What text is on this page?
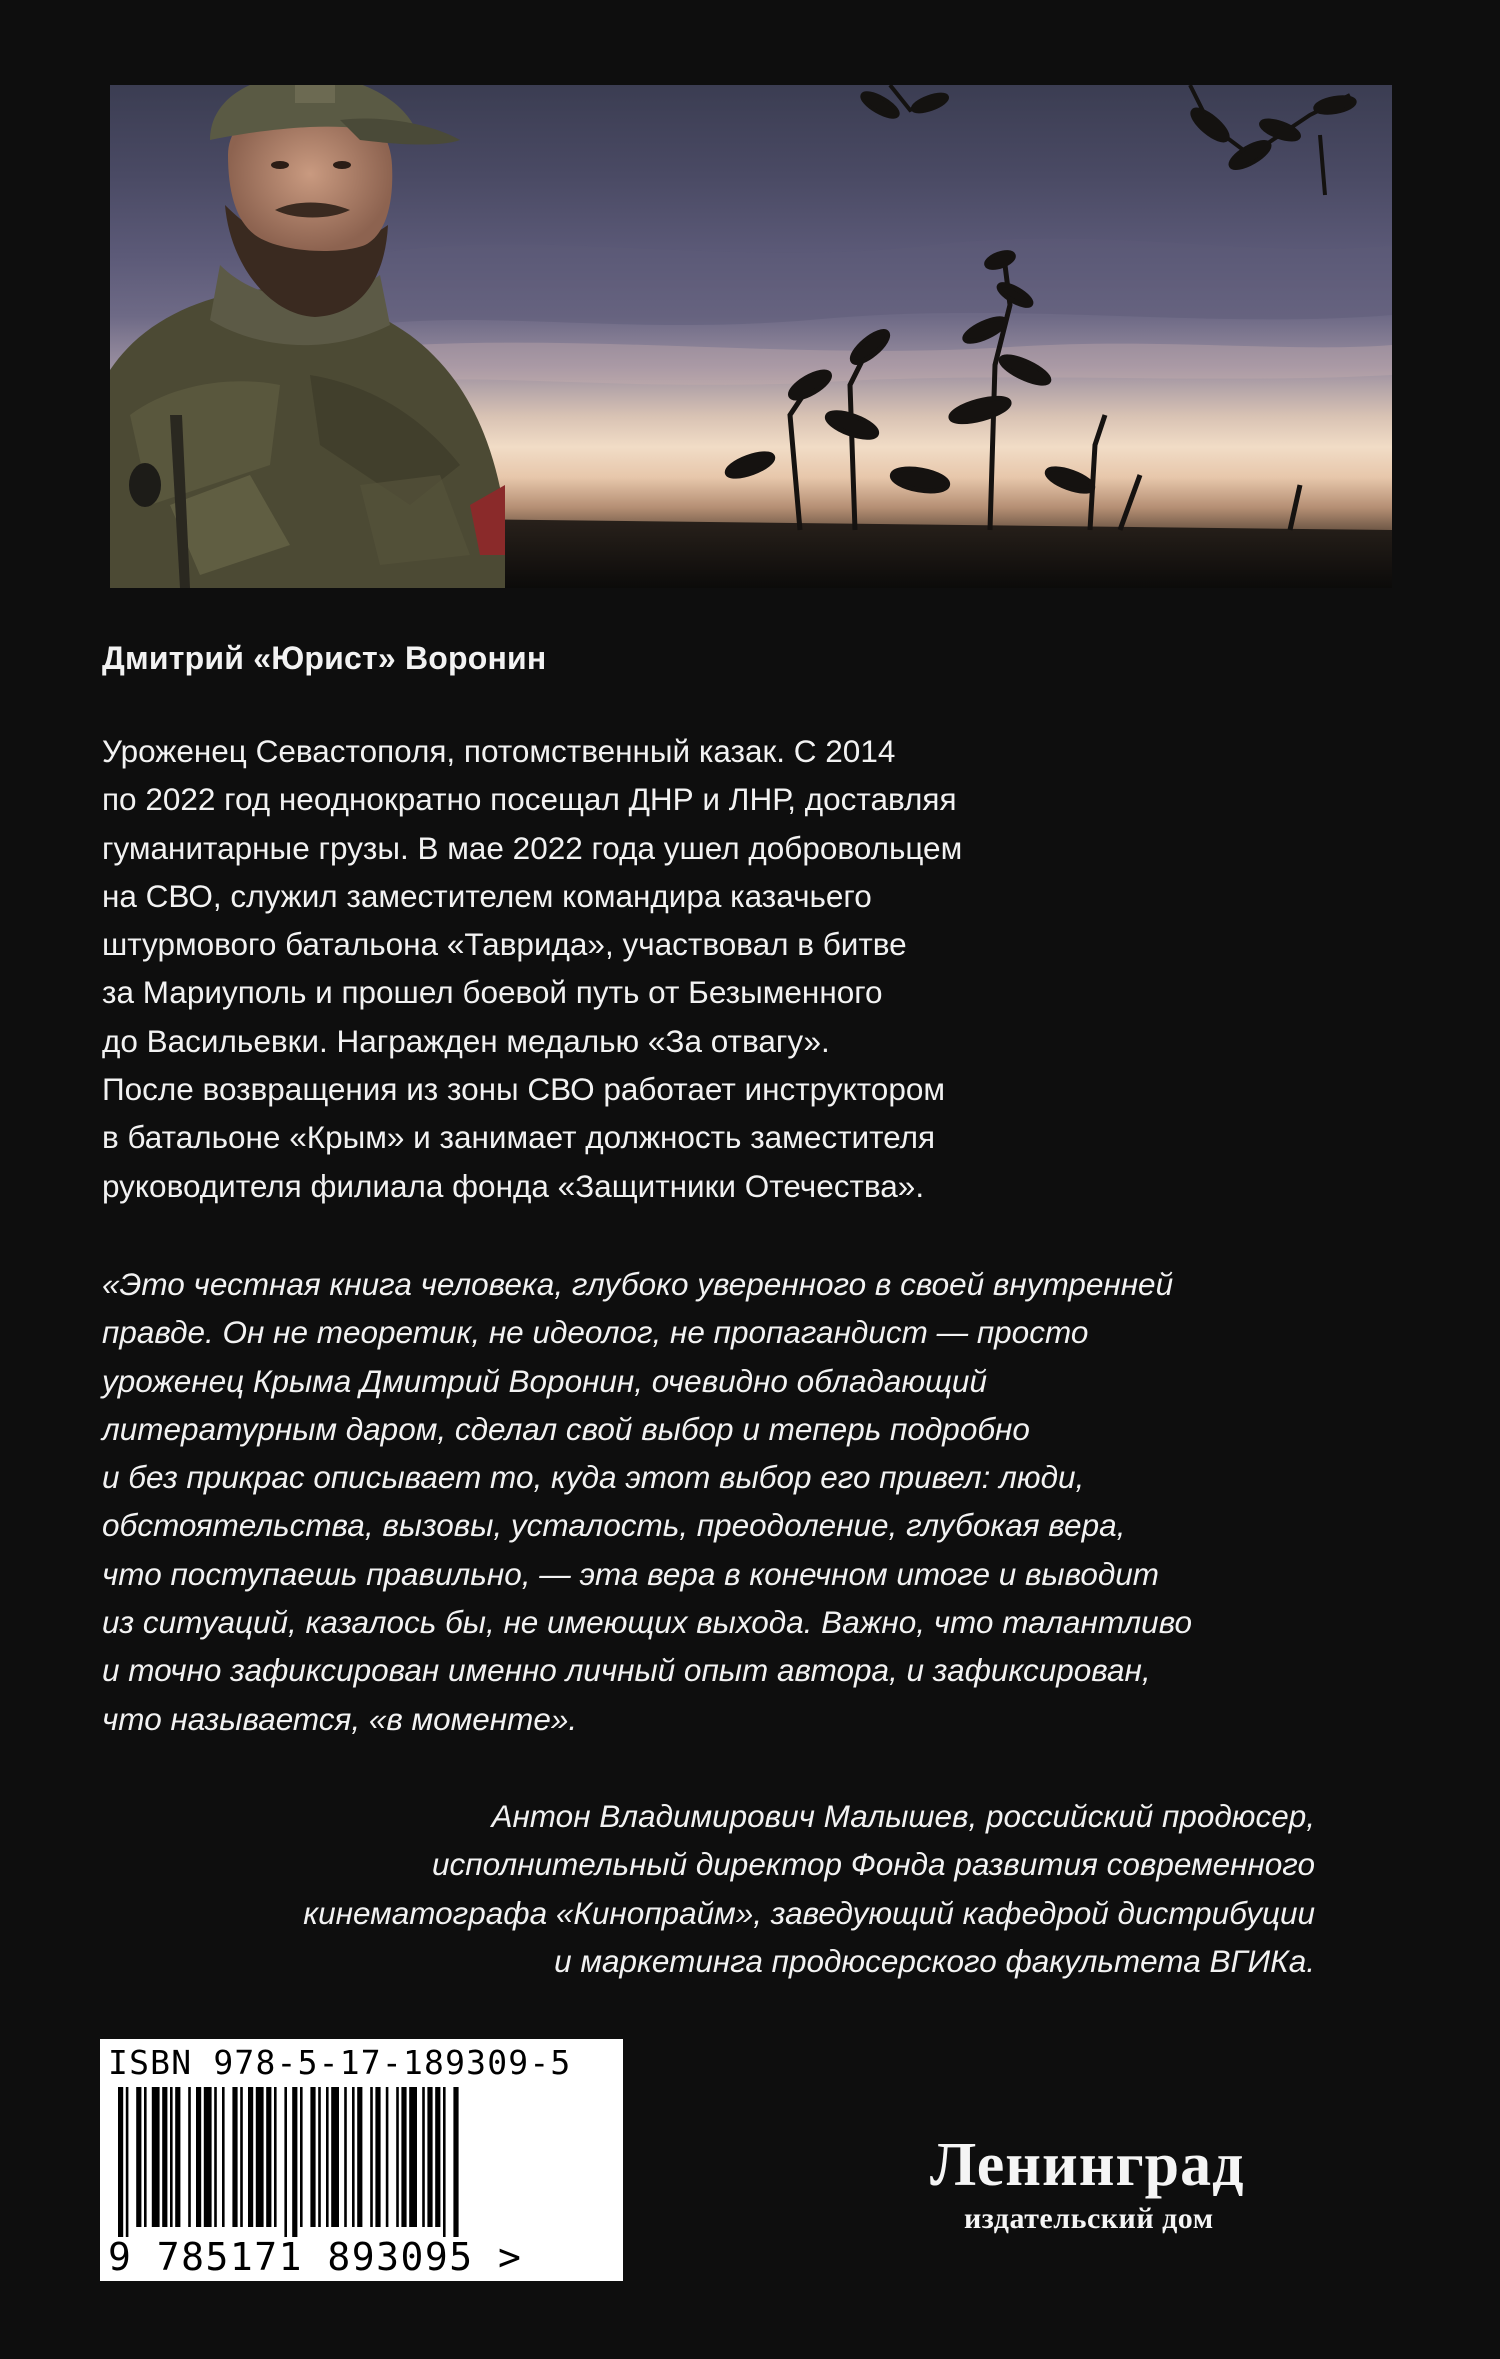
Дмитрий «Юрист» Воронин
Уроженец Севастополя, потомственный казак. С 2014
по 2022 год неоднократно посещал ДНР и ЛНР, доставляя
гуманитарные грузы. В мае 2022 года ушел добровольцем
на СВО, служил заместителем командира казачьего
штурмового батальона «Таврида», участвовал в битве
за Мариуполь и прошел боевой путь от Безыменного
до Васильевки. Награжден медалью «За отвагу».
После возвращения из зоны СВО работает инструктором
в батальоне «Крым» и занимает должность заместителя
руководителя филиала фонда «Защитники Отечества».
«Это честная книга человека, глубоко уверенного в своей внутренней
правде. Он не теоретик, не идеолог, не пропагандист — просто
уроженец Крыма Дмитрий Воронин, очевидно обладающий
литературным даром, сделал свой выбор и теперь подробно
и без прикрас описывает то, куда этот выбор его привел: люди,
обстоятельства, вызовы, усталость, преодоление, глубокая вера,
что поступаешь правильно, — эта вера в конечном итоге и выводит
из ситуаций, казалось бы, не имеющих выхода. Важно, что талантливо
и точно зафиксирован именно личный опыт автора, и зафиксирован,
что называется, «в моменте».
Антон Владимирович Малышев, российский продюсер,
исполнительный директор Фонда развития современного
кинематографа «Кинопрайм», заведующий кафедрой дистрибуции
и маркетинга продюсерского факультета ВГИКа.
ISBN 978-5-17-189309-5
9 785171 893095 >
Ленинград
издательский дом
